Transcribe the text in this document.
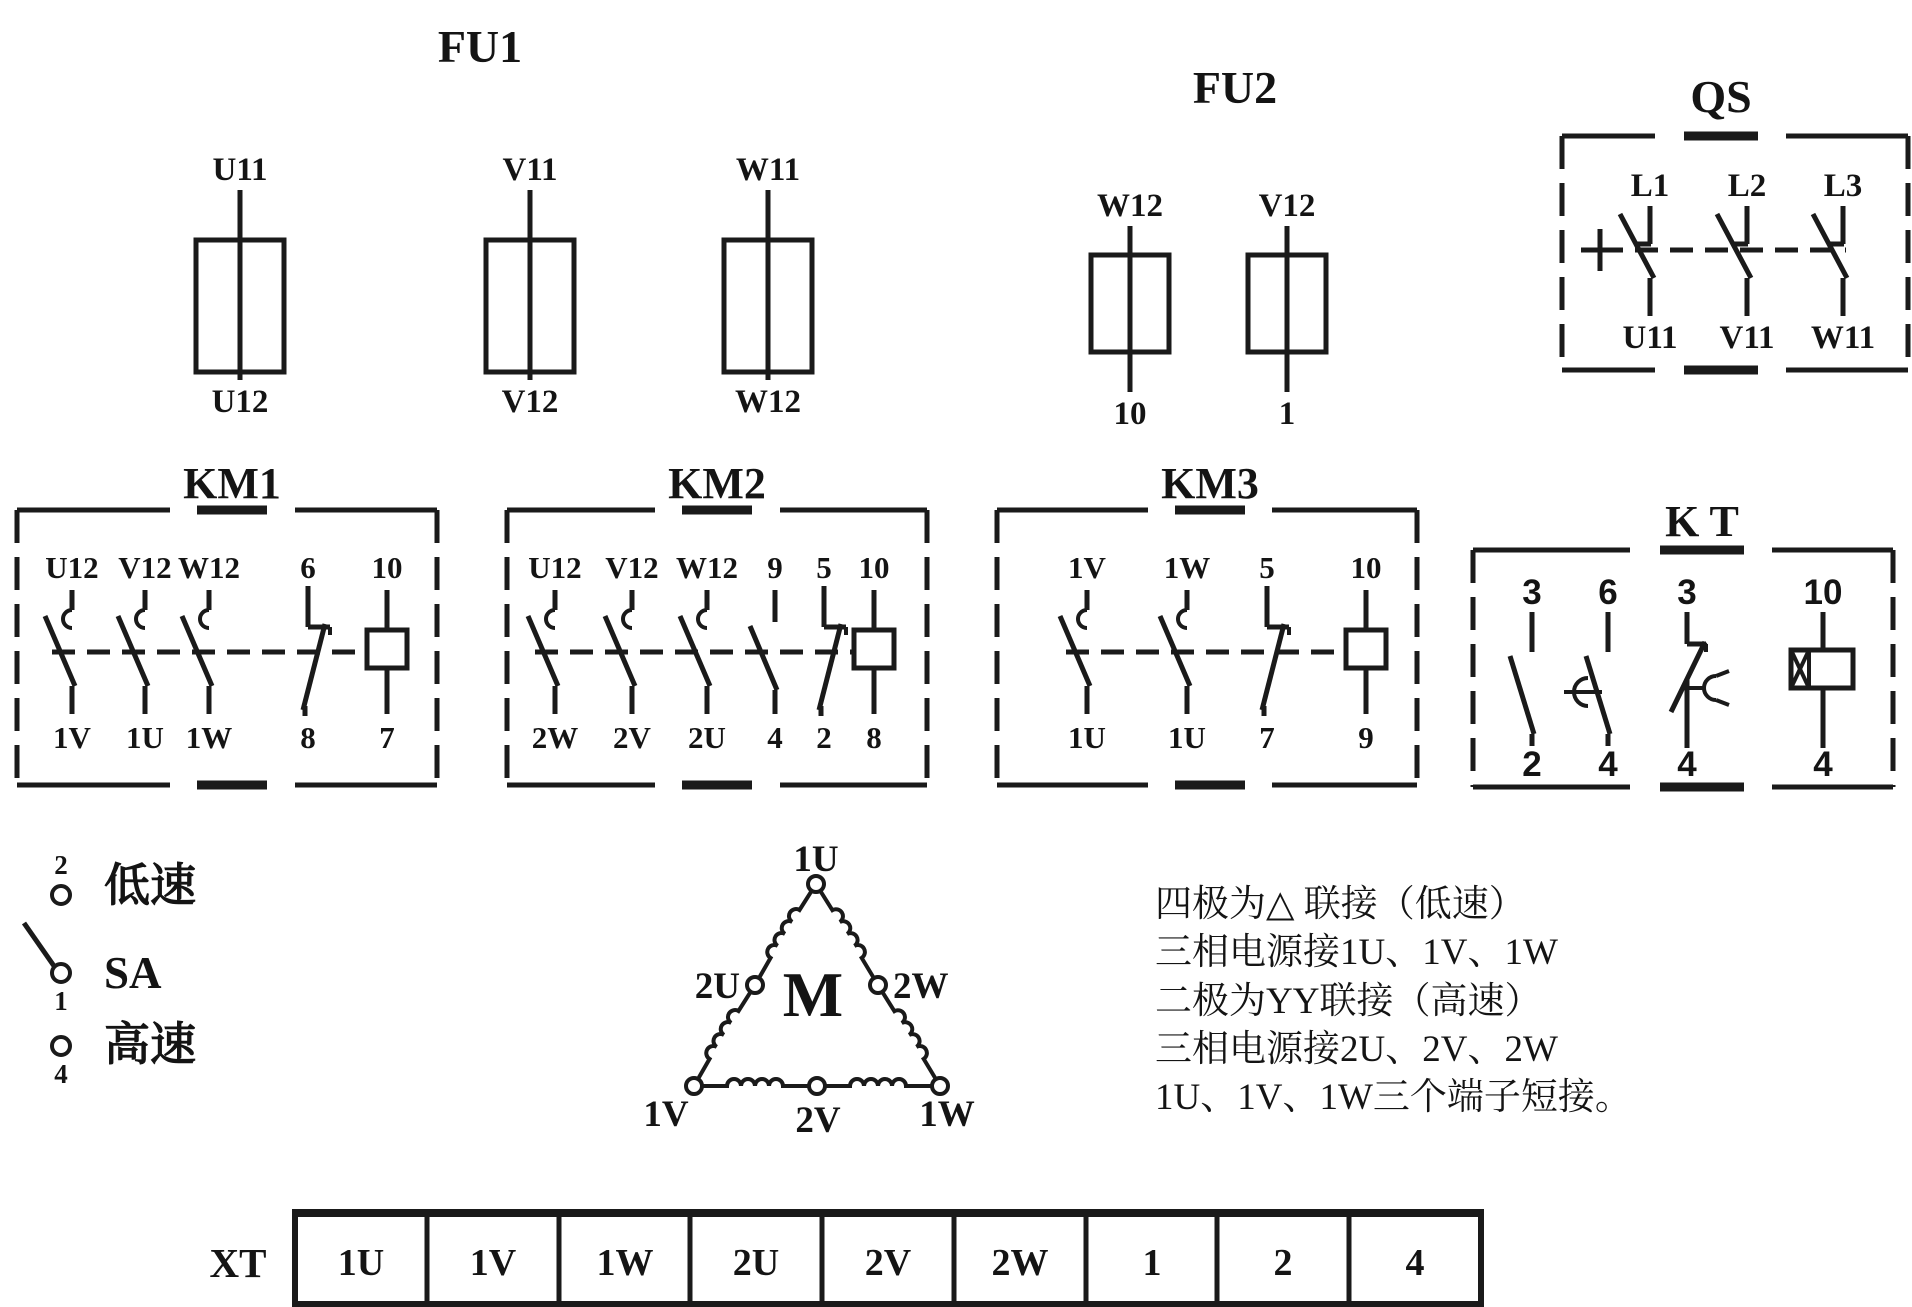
FU1
U11
U12
V11
V12
W11
W12
FU2
W12
10
V12
1
QS
L1
U11
L2
V11
L3
W11
KM1
U12
1V
V12
1U
W12
1W
6
8
10
7
KM2
U12
2W
V12
2V
W12
2U
9
4
5
2
10
8
KM3
1V
1U
1W
1U
5
7
10
9
K T
3
2
6
4
3
4
10
4
2 低速
1
SA
4
高速
1U
2U	2W
M
1V	2V 1W
四极为△ 联接（低速）
三相电源接1U、1V、1W
二极为YY联接（高速）
三相电源接2U、2V、2W
1U、1V、1W三个端子短接。
XT 1U 1V 1W 2U 2V 2W 1	2	4
